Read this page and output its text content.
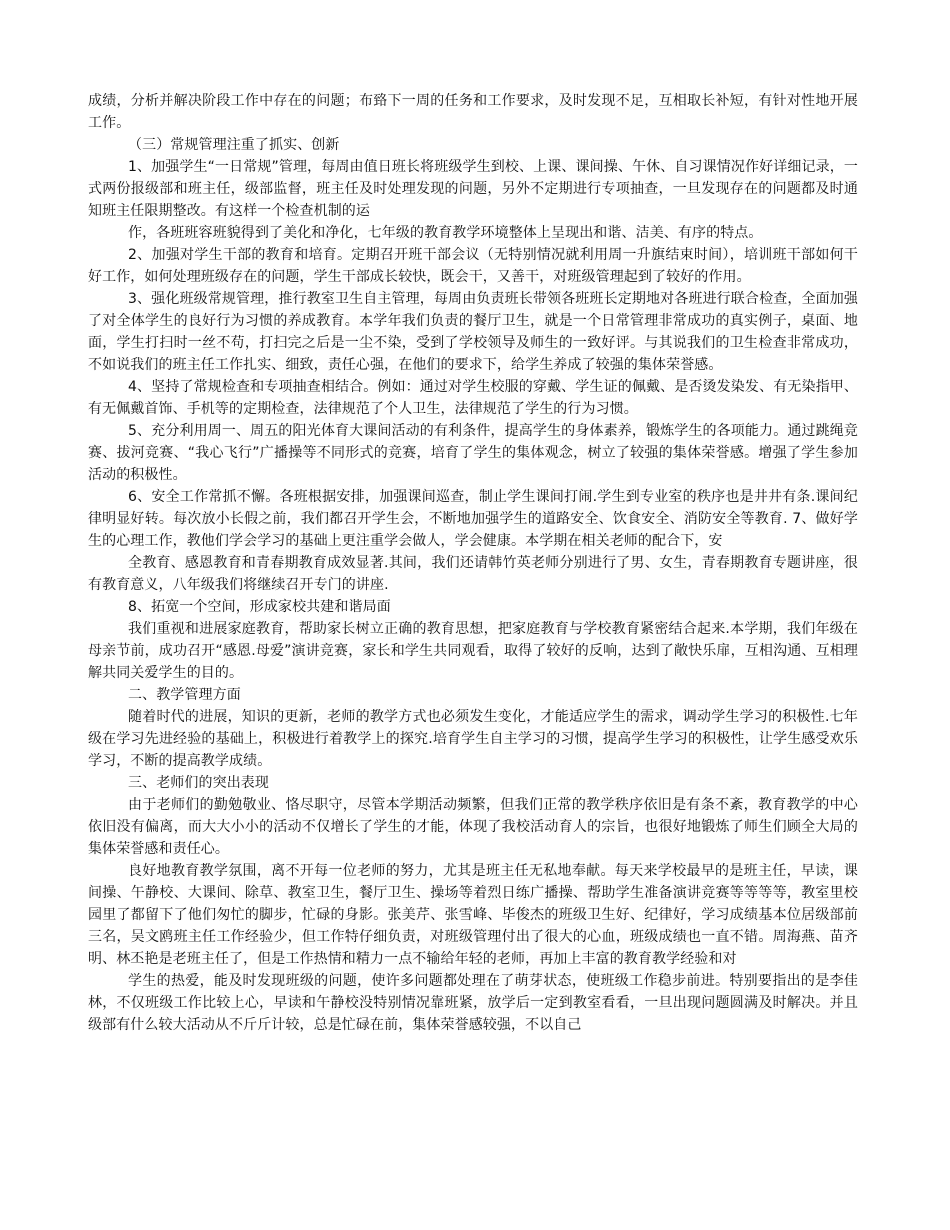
成绩，分析并解决阶段工作中存在的问题；布臵下一周的任务和工作要求，及时发现不足，互相取长补短，有针对性地开展工作。

（三）常规管理注重了抓实、创新

1、加强学生“一日常规”管理，每周由值日班长将班级学生到校、上课、课间操、午休、自习课情况作好详细记录，一式两份报级部和班主任，级部监督，班主任及时处理发现的问题，另外不定期进行专项抽查，一旦发现存在的问题都及时通知班主任限期整改。有这样一个检查机制的运

作，各班班容班貌得到了美化和净化，七年级的教育教学环境整体上呈现出和谐、洁美、有序的特点。

2、加强对学生干部的教育和培育。定期召开班干部会议（无特别情况就利用周一升旗结束时间），培训班干部如何干好工作，如何处理班级存在的问题，学生干部成长较快，既会干，又善干，对班级管理起到了较好的作用。

3、强化班级常规管理，推行教室卫生自主管理，每周由负责班长带领各班班长定期地对各班进行联合检查，全面加强了对全体学生的良好行为习惯的养成教育。本学年我们负责的餐厅卫生，就是一个日常管理非常成功的真实例子，桌面、地面，学生打扫时一丝不苟，打扫完之后是一尘不染，受到了学校领导及师生的一致好评。与其说我们的卫生检查非常成功，不如说我们的班主任工作扎实、细致，责任心强，在他们的要求下，给学生养成了较强的集体荣誉感。

4、坚持了常规检查和专项抽查相结合。例如：通过对学生校服的穿戴、学生证的佩戴、是否烫发染发、有无染指甲、有无佩戴首饰、手机等的定期检查，法律规范了个人卫生，法律规范了学生的行为习惯。

5、充分利用周一、周五的阳光体育大课间活动的有利条件，提高学生的身体素养，锻炼学生的各项能力。通过跳绳竞赛、拔河竞赛、“我心飞行”广播操等不同形式的竞赛，培育了学生的集体观念，树立了较强的集体荣誉感。增强了学生参加活动的积极性。

6、安全工作常抓不懈。各班根据安排，加强课间巡查，制止学生课间打闹.学生到专业室的秩序也是井井有条.课间纪律明显好转。每次放小长假之前，我们都召开学生会，不断地加强学生的道路安全、饮食安全、消防安全等教育. 7、做好学生的心理工作，教他们学会学习的基础上更注重学会做人，学会健康。本学期在相关老师的配合下，安

全教育、感恩教育和青春期教育成效显著.其间，我们还请韩竹英老师分别进行了男、女生，青春期教育专题讲座，很有教育意义，八年级我们将继续召开专门的讲座.

8、拓宽一个空间，形成家校共建和谐局面

我们重视和进展家庭教育，帮助家长树立正确的教育思想，把家庭教育与学校教育紧密结合起来.本学期，我们年级在母亲节前，成功召开“感恩.母爱”演讲竞赛，家长和学生共同观看，取得了较好的反响，达到了敞快乐扉，互相沟通、互相理解共同关爱学生的目的。

二、教学管理方面

随着时代的进展，知识的更新，老师的教学方式也必须发生变化，才能适应学生的需求，调动学生学习的积极性.七年级在学习先进经验的基础上，积极进行着教学上的探究.培育学生自主学习的习惯，提高学生学习的积极性，让学生感受欢乐学习，不断的提高教学成绩。

三、老师们的突出表现

由于老师们的勤勉敬业、恪尽职守，尽管本学期活动频繁，但我们正常的教学秩序依旧是有条不紊，教育教学的中心依旧没有偏离，而大大小小的活动不仅增长了学生的才能，体现了我校活动育人的宗旨，也很好地锻炼了师生们顾全大局的集体荣誉感和责任心。

良好地教育教学氛围，离不开每一位老师的努力，尤其是班主任无私地奉献。每天来学校最早的是班主任，早读，课间操、午静校、大课间、除草、教室卫生，餐厅卫生、操场等着烈日练广播操、帮助学生准备演讲竞赛等等等等，教室里校园里了都留下了他们匆忙的脚步，忙碌的身影。张美芹、张雪峰、毕俊杰的班级卫生好、纪律好，学习成绩基本位居级部前三名，吴文鸥班主任工作经验少，但工作特仔细负责，对班级管理付出了很大的心血，班级成绩也一直不错。周海燕、苗齐明、林丕艳是老班主任了，但是工作热情和精力一点不输给年轻的老师，再加上丰富的教育教学经验和对

学生的热爱，能及时发现班级的问题，使许多问题都处理在了萌芽状态，使班级工作稳步前进。特别要指出的是李佳林，不仅班级工作比较上心，早读和午静校没特别情况靠班紧，放学后一定到教室看看，一旦出现问题圆满及时解决。并且级部有什么较大活动从不斤斤计较，总是忙碌在前，集体荣誉感较强，不以自己
